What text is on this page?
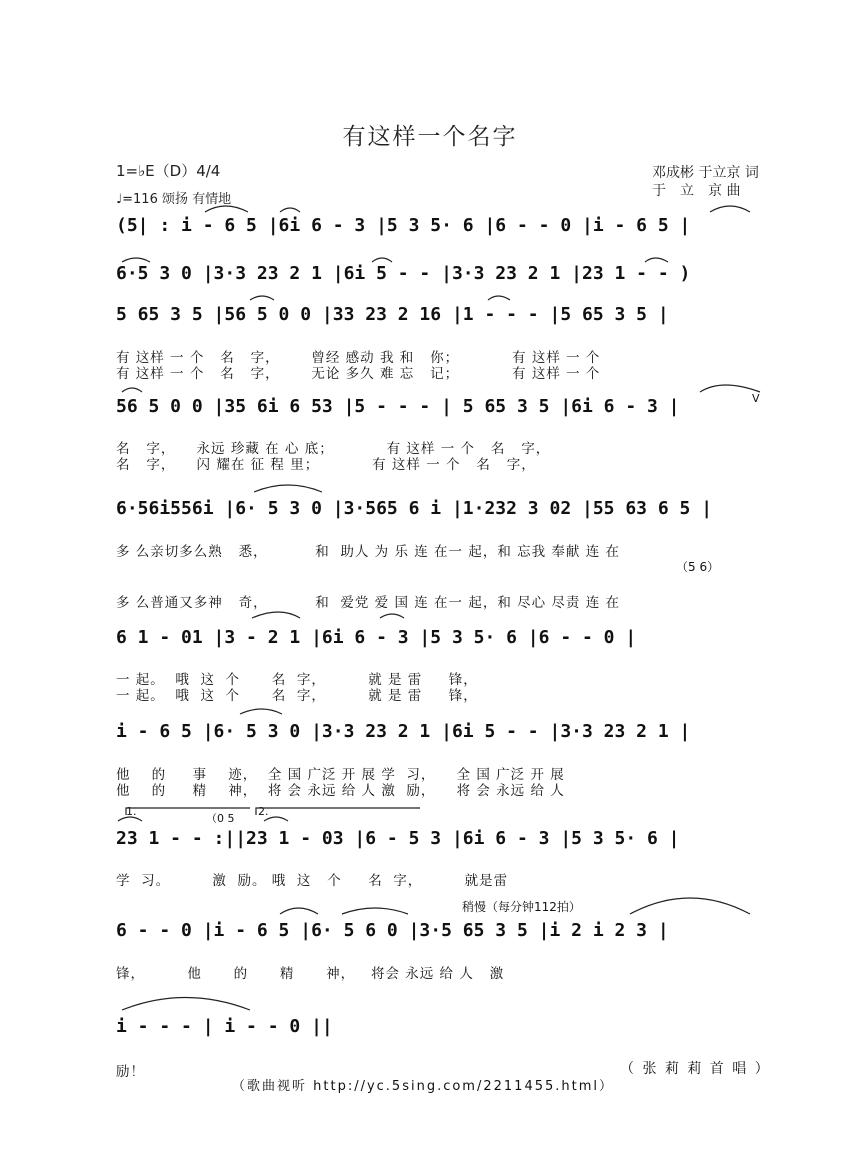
有这样一个名字
1=♭E（D）4/4
♩=116 颂扬 有情地
邓成彬 于立京 词
于　立　京 曲
(5| : i - 6 5 |6i 6 - 3 |5 3 5· 6 |6 - - 0 |i - 6 5 |
6·5 3 0 |3·3 23 2 1 |6i 5 - - |3·3 23 2 1 |23 1 - - )
5 65 3 5 |56 5 0 0 |33 23 2 16 |1 - - - |5 65 3 5 |
有 这样 一 个   名   字，      曾经 感动 我 和   你；          有 这样 一 个
有 这样 一 个   名   字，      无论 多久 难 忘   记；          有 这样 一 个
56 5 0 0 |35 6i 6 53 |5 - - - | 5 65 3 5 |6i 6 - 3 |
名   字，    永远 珍藏 在 心 底；          有 这样 一 个   名   字，
名   字，    闪 耀在 征 程 里；          有 这样 一 个   名   字，
6·56i556i |6· 5 3 0 |3·565 6 i |1·232 3 02 |55 63 6 5 |
多 么亲切多么熟   悉，         和  助人 为 乐 连 在一 起，和 忘我 奉献 连 在
（5 6）
多 么普通又多神   奇，         和  爱党 爱 国 连 在一 起，和 尽心 尽责 连 在
6 1 - 01 |3 - 2 1 |6i 6 - 3 |5 3 5· 6 |6 - - 0 |
一 起。  哦  这  个      名  字，        就 是 雷     锋，
一 起。  哦  这  个      名  字，        就 是 雷     锋，
i - 6 5 |6· 5 3 0 |3·3 23 2 1 |6i 5 - - |3·3 23 2 1 |
他    的     事    迹，  全 国 广泛 开 展 学  习，    全 国 广泛 开 展
他    的     精    神，  将 会 永远 给 人 激  励，    将 会 永远 给 人
1.
（0 5
2.
23 1 - - :||23 1 - 03 |6 - 5 3 |6i 6 - 3 |5 3 5· 6 |
学  习。        激  励。 哦  这   个     名  字，        就是雷
稍慢（每分钟112拍）
6 - - 0 |i - 6 5 |6· 5 6 0 |3·5 65 3 5 |i 2 i 2 3 |
锋，        他      的      精      神，   将会 永远 给 人   激
i - - - | i - - 0 ||
励！
V
（ 张 莉 莉 首 唱 ）
（歌曲视听 http://yc.5sing.com/2211455.html）
